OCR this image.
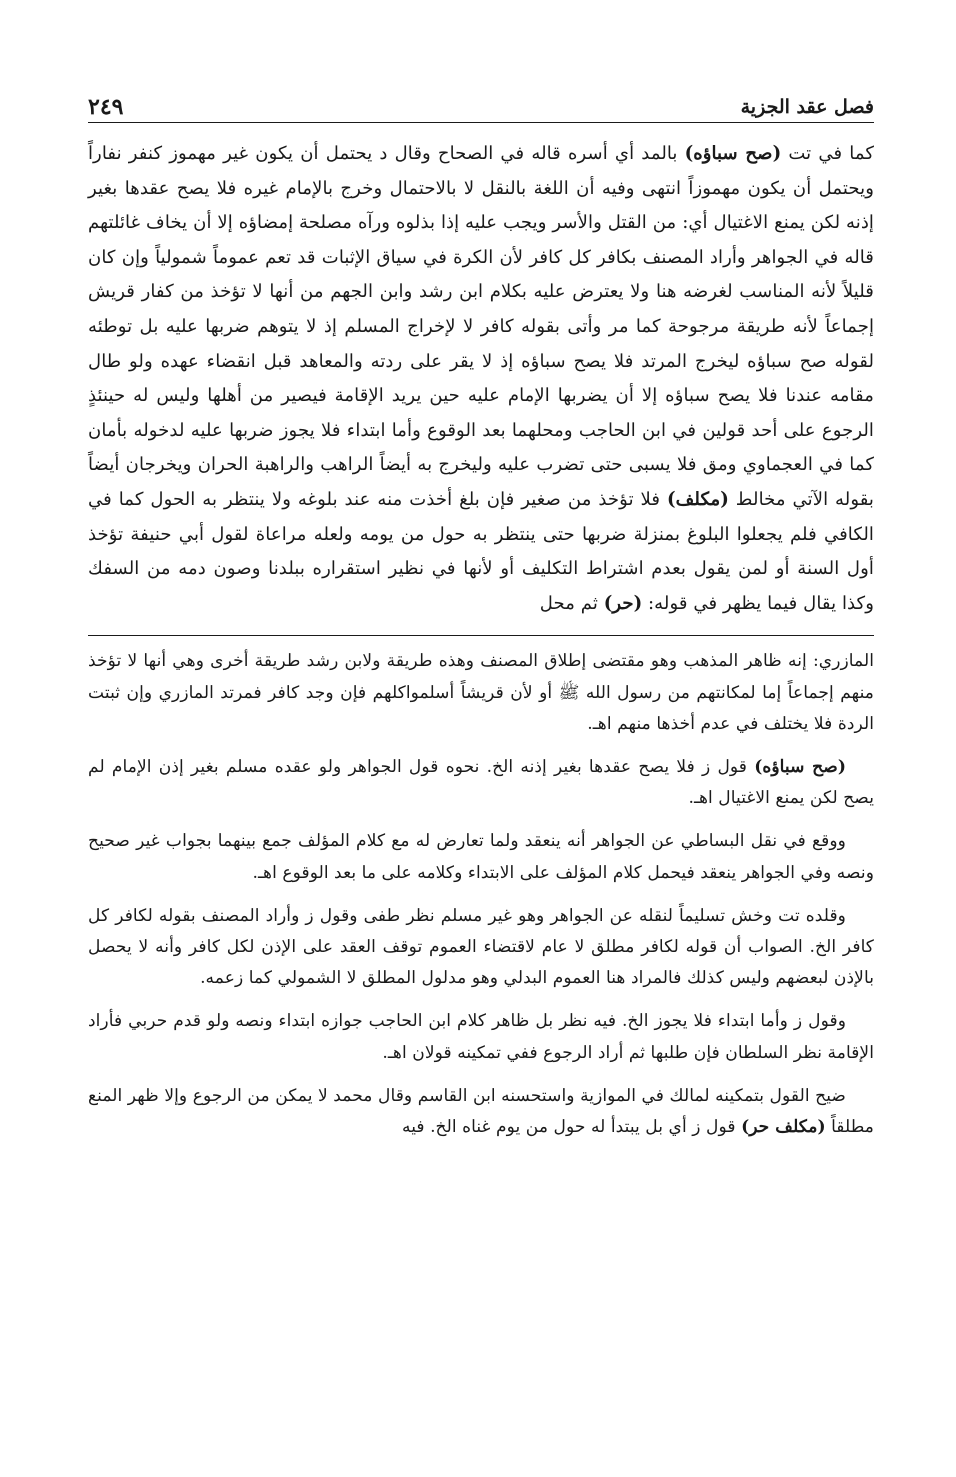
فصل عقد الجزية
٢٤٩

كما في تت (صح سباؤه) بالمد أي أسره قاله في الصحاح وقال د يحتمل أن يكون غير مهموز كنفر نفاراً ويحتمل أن يكون مهموزاً انتهى وفيه أن اللغة بالنقل لا بالاحتمال وخرج بالإمام غيره فلا يصح عقدها بغير إذنه لكن يمنع الاغتيال أي: من القتل والأسر ويجب عليه إذا بذلوه ورآه مصلحة إمضاؤه إلا أن يخاف غائلتهم قاله في الجواهر وأراد المصنف بكافر كل كافر لأن الكرة في سياق الإثبات قد تعم عموماً شمولياً وإن كان قليلاً لأنه المناسب لغرضه هنا ولا يعترض عليه بكلام ابن رشد وابن الجهم من أنها لا تؤخذ من كفار قريش إجماعاً لأنه طريقة مرجوحة كما مر وأتى بقوله كافر لا لإخراج المسلم إذ لا يتوهم ضربها عليه بل توطئه لقوله صح سباؤه ليخرج المرتد فلا يصح سباؤه إذ لا يقر على ردته والمعاهد قبل انقضاء عهده ولو طال مقامه عندنا فلا يصح سباؤه إلا أن يضربها الإمام عليه حين يريد الإقامة فيصير من أهلها وليس له حينئذٍ الرجوع على أحد قولين في ابن الحاجب ومحلهما بعد الوقوع وأما ابتداء فلا يجوز ضربها عليه لدخوله بأمان كما في العجماوي ومق فلا يسبى حتى تضرب عليه وليخرج به أيضاً الراهب والراهبة الحران ويخرجان أيضاً بقوله الآتي مخالط (مكلف) فلا تؤخذ من صغير فإن بلغ أخذت منه عند بلوغه ولا ينتظر به الحول كما في الكافي فلم يجعلوا البلوغ بمنزلة ضربها حتى ينتظر به حول من يومه ولعله مراعاة لقول أبي حنيفة تؤخذ أول السنة أو لمن يقول بعدم اشتراط التكليف أو لأنها في نظير استقراره ببلدنا وصون دمه من السفك وكذا يقال فيما يظهر في قوله: (حر) ثم محل

المازري: إنه ظاهر المذهب وهو مقتضى إطلاق المصنف وهذه طريقة ولابن رشد طريقة أخرى وهي أنها لا تؤخذ منهم إجماعاً إما لمكانتهم من رسول الله ﷺ أو لأن قريشاً أسلمواكلهم فإن وجد كافر فمرتد المازري وإن ثبتت الردة فلا يختلف في عدم أخذها منهم اهـ.

(صح سباؤه) قول ز فلا يصح عقدها بغير إذنه الخ. نحوه قول الجواهر ولو عقده مسلم بغير إذن الإمام لم يصح لكن يمنع الاغتيال اهـ.

ووقع في نقل البساطي عن الجواهر أنه ينعقد ولما تعارض له مع كلام المؤلف جمع بينهما بجواب غير صحيح ونصه وفي الجواهر ينعقد فيحمل كلام المؤلف على الابتداء وكلامه على ما بعد الوقوع اهـ.

وقلده تت وخش تسليماً لنقله عن الجواهر وهو غير مسلم نظر طفى وقول ز وأراد المصنف بقوله لكافر كل كافر الخ. الصواب أن قوله لكافر مطلق لا عام لاقتضاء العموم توقف العقد على الإذن لكل كافر وأنه لا يحصل بالإذن لبعضهم وليس كذلك فالمراد هنا العموم البدلي وهو مدلول المطلق لا الشمولي كما زعمه.

وقول ز وأما ابتداء فلا يجوز الخ. فيه نظر بل ظاهر كلام ابن الحاجب جوازه ابتداء ونصه ولو قدم حربي فأراد الإقامة نظر السلطان فإن طلبها ثم أراد الرجوع ففي تمكينه قولان اهـ.

ضيح القول بتمكينه لمالك في الموازية واستحسنه ابن القاسم وقال محمد لا يمكن من الرجوع وإلا ظهر المنع مطلقاً (مكلف حر) قول ز أي بل يبتدأ له حول من يوم غناه الخ. فيه
